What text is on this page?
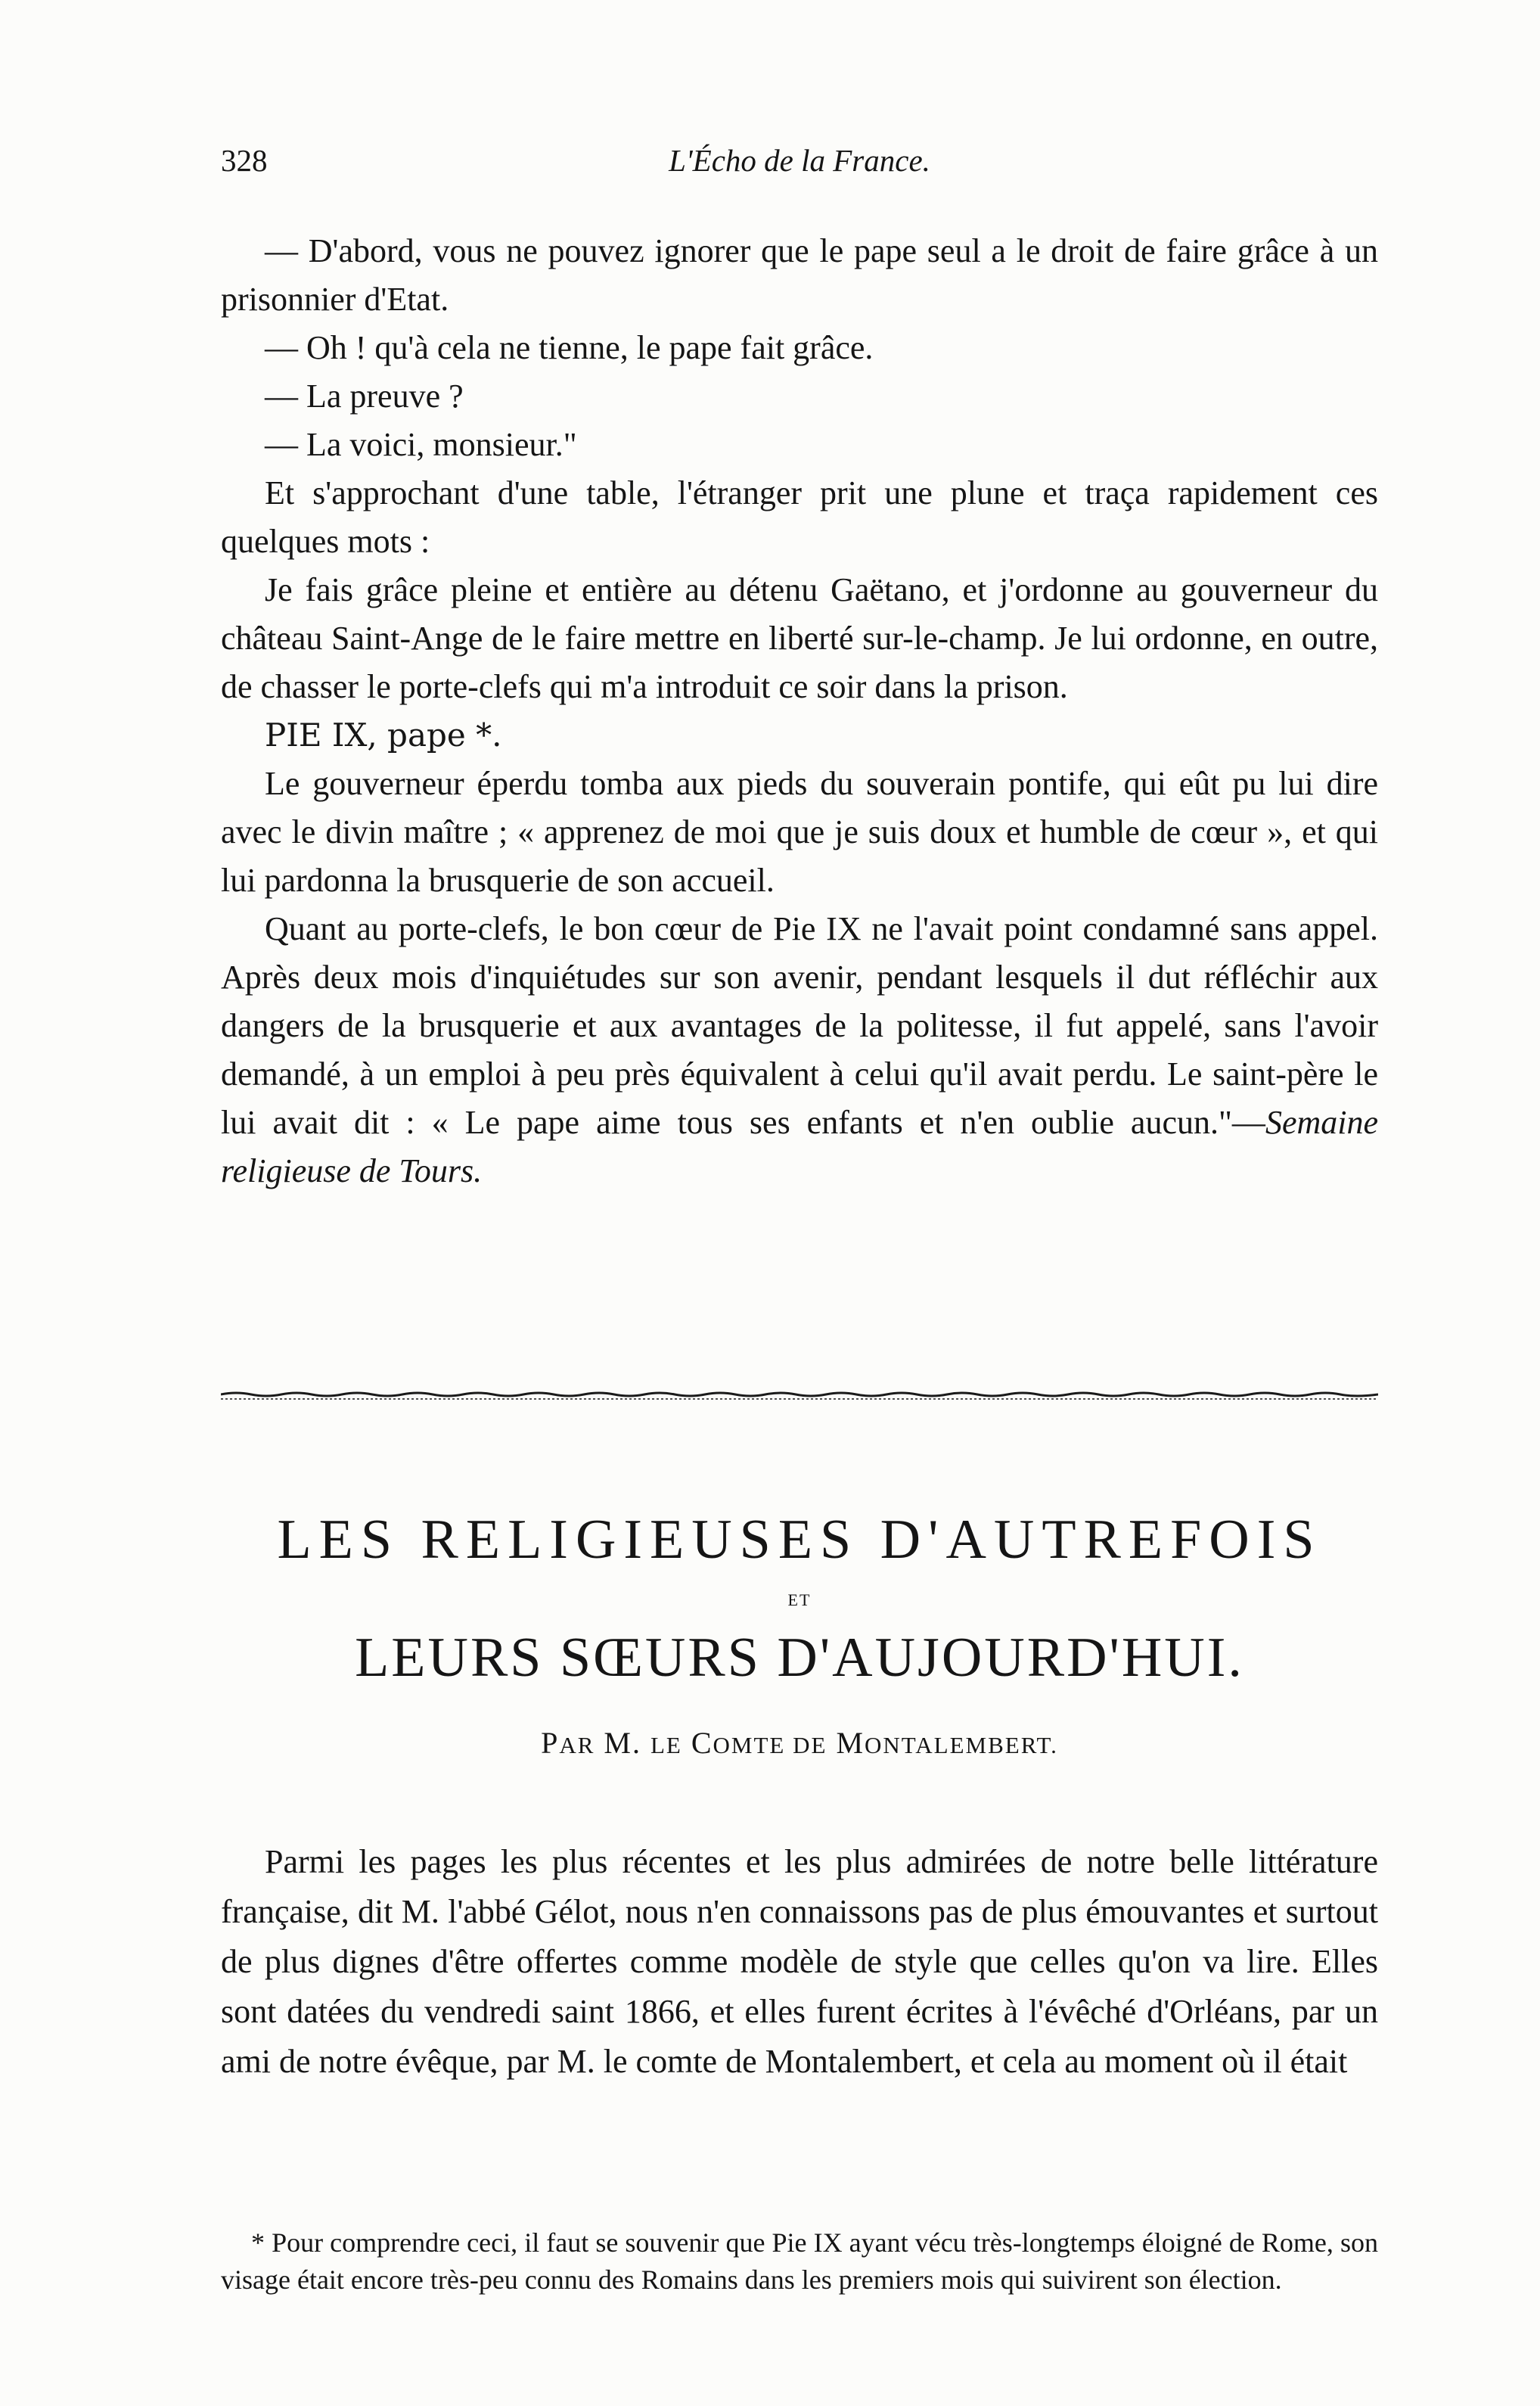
328	L'Écho de la France.

— D'abord, vous ne pouvez ignorer que le pape seul a le droit de faire grâce à un prisonnier d'Etat.

— Oh ! qu'à cela ne tienne, le pape fait grâce.

— La preuve ?

— La voici, monsieur."

Et s'approchant d'une table, l'étranger prit une plune et traça rapidement ces quelques mots :

Je fais grâce pleine et entière au détenu Gaëtano, et j'ordonne au gouverneur du château Saint-Ange de le faire mettre en liberté sur-le-champ. Je lui ordonne, en outre, de chasser le porte-clefs qui m'a introduit ce soir dans la prison.

PIE IX, pape *.

Le gouverneur éperdu tomba aux pieds du souverain pontife, qui eût pu lui dire avec le divin maître ; « apprenez de moi que je suis doux et humble de cœur », et qui lui pardonna la brusquerie de son accueil.

Quant au porte-clefs, le bon cœur de Pie IX ne l'avait point condamné sans appel. Après deux mois d'inquiétudes sur son avenir, pendant lesquels il dut réfléchir aux dangers de la brusquerie et aux avantages de la politesse, il fut appelé, sans l'avoir demandé, à un emploi à peu près équivalent à celui qu'il avait perdu. Le saint-père le lui avait dit : « Le pape aime tous ses enfants et n'en oublie aucun."—Semaine religieuse de Tours.

LES RELIGIEUSES D'AUTREFOIS

ET

LEURS SŒURS D'AUJOURD'HUI.

PAR M. LE COMTE DE MONTALEMBERT.

Parmi les pages les plus récentes et les plus admirées de notre belle littérature française, dit M. l'abbé Gélot, nous n'en connaissons pas de plus émouvantes et surtout de plus dignes d'être offertes comme modèle de style que celles qu'on va lire. Elles sont datées du vendredi saint 1866, et elles furent écrites à l'évêché d'Orléans, par un ami de notre évêque, par M. le comte de Montalembert, et cela au moment où il était

* Pour comprendre ceci, il faut se souvenir que Pie IX ayant vécu très-longtemps éloigné de Rome, son visage était encore très-peu connu des Romains dans les premiers mois qui suivirent son élection.
